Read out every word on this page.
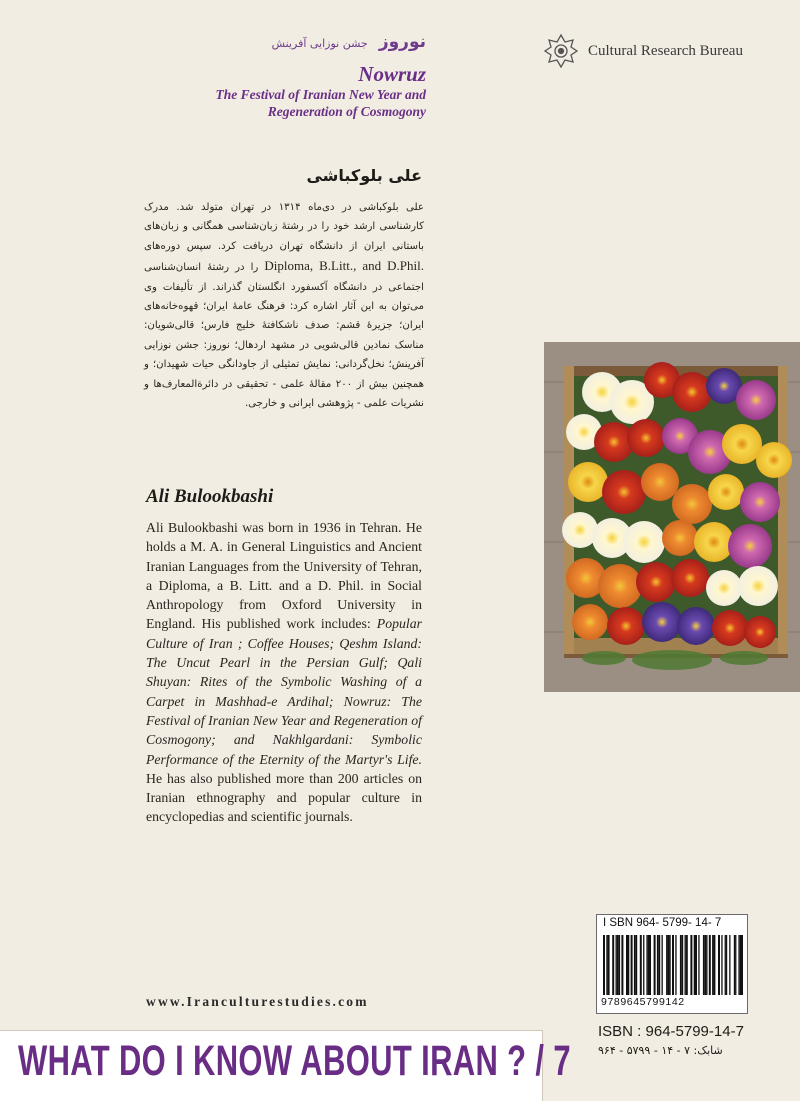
Cultural Research Bureau
نوروز جشن نوزایی آفرینش
Nowruz
The Festival of Iranian New Year and
Regeneration of Cosmogony
علی بلوکباشی
علی بلوکباشی در دی‌ماه ۱۳۱۴ در تهران متولد شد. مدرک کارشناسی ارشد خود را در رشتهٔ زبان‌شناسی همگانی و زبان‌های باستانی ایران از دانشگاه تهران دریافت کرد. سپس دوره‌های Diploma, B.Litt., and D.Phil. را در رشتهٔ انسان‌شناسی اجتماعی در دانشگاه آکسفورد انگلستان گذراند. از تألیفات وی می‌توان به این آثار اشاره کرد: فرهنگ عامهٔ ایران؛ قهوه‌خانه‌های ایران؛ جزیرهٔ قشم: صدف ناشکافتهٔ خلیج فارس؛ قالی‌شویان: مناسک نمادین قالی‌شویی در مشهد اردهال؛ نوروز: جشن نوزایی آفرینش؛ نخل‌گردانی: نمایش تمثیلی از جاودانگی حیات شهیدان؛ و همچنین بیش از ۲۰۰ مقالهٔ علمی - تحقیقی در دائرةالمعارف‌ها و نشریات علمی - پژوهشی ایرانی و خارجی.
Ali Bulookbashi
Ali Bulookbashi was born in 1936 in Tehran. He holds a M. A. in General Linguistics and Ancient Iranian Languages from the University of Tehran, a Diploma, a B. Litt. and a D. Phil. in Social Anthropology from Oxford University in England. His published work includes: Popular Culture of Iran ; Coffee Houses; Qeshm Island: The Uncut Pearl in the Persian Gulf; Qali Shuyan: Rites of the Symbolic Washing of a Carpet in Mashhad-e Ardihal; Nowruz: The Festival of Iranian New Year and Regeneration of Cosmogony; and Nakhlgardani: Symbolic Performance of the Eternity of the Martyr's Life. He has also published more than 200 articles on Iranian ethnography and popular culture in encyclopedias and scientific journals.
www.Iranculturestudies.com
WHAT DO I KNOW ABOUT IRAN ? / 7
I SBN 964- 5799- 14- 7
9789645799142
ISBN : 964-5799-14-7
شابک: ۷ - ۱۴ - ۵۷۹۹ - ۹۶۴
